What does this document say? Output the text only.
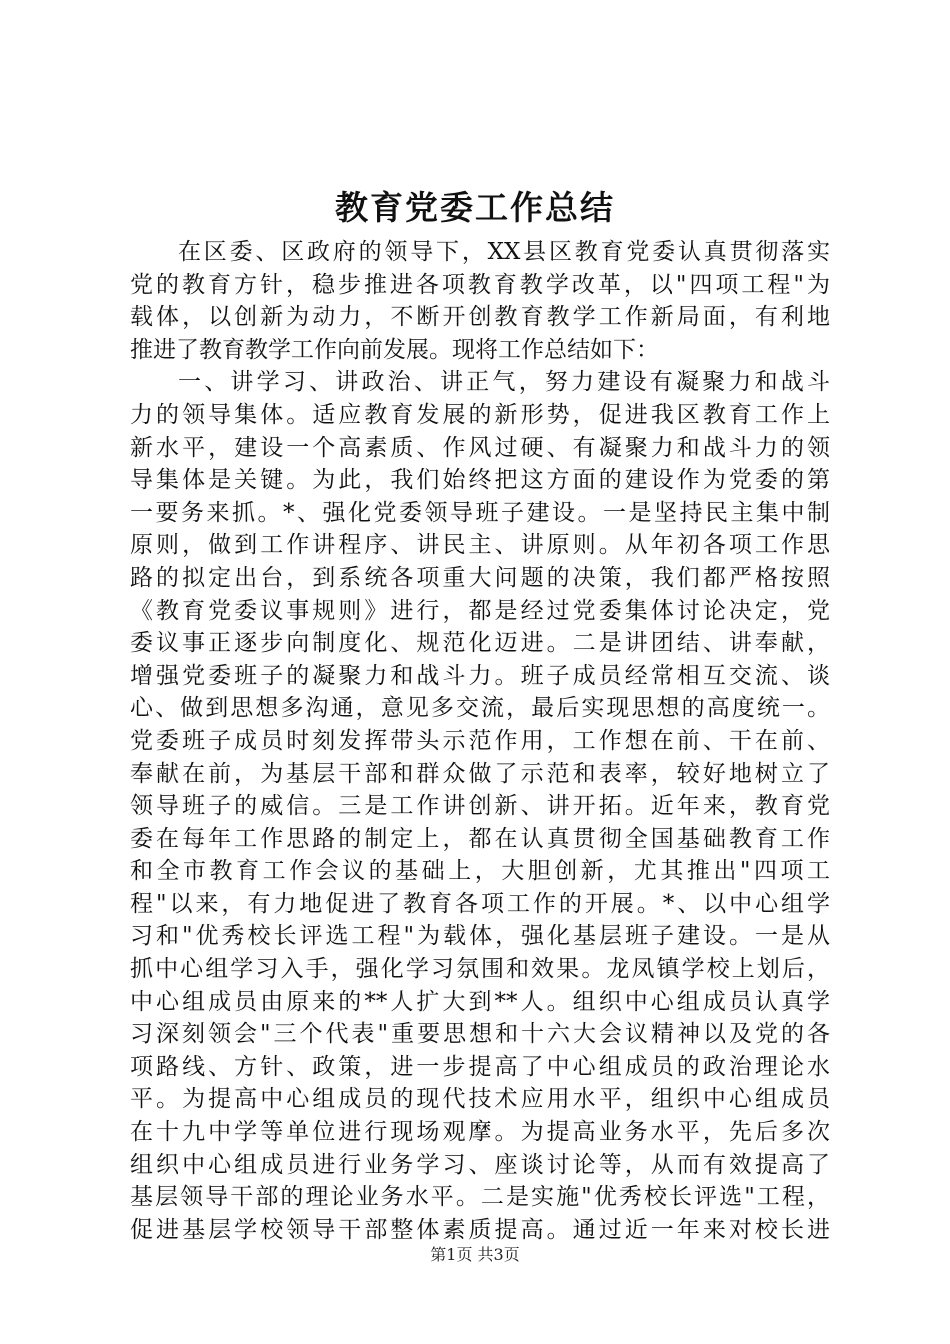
教育党委工作总结
在区委、区政府的领导下，XX县区教育党委认真贯彻落实
党的教育方针，稳步推进各项教育教学改革，以"四项工程"为
载体，以创新为动力，不断开创教育教学工作新局面，有利地
推进了教育教学工作向前发展。现将工作总结如下：
一、讲学习、讲政治、讲正气，努力建设有凝聚力和战斗
力的领导集体。适应教育发展的新形势，促进我区教育工作上
新水平，建设一个高素质、作风过硬、有凝聚力和战斗力的领
导集体是关键。为此，我们始终把这方面的建设作为党委的第
一要务来抓。*、强化党委领导班子建设。一是坚持民主集中制
原则，做到工作讲程序、讲民主、讲原则。从年初各项工作思
路的拟定出台，到系统各项重大问题的决策，我们都严格按照
《教育党委议事规则》进行，都是经过党委集体讨论决定，党
委议事正逐步向制度化、规范化迈进。二是讲团结、讲奉献，
增强党委班子的凝聚力和战斗力。班子成员经常相互交流、谈
心、做到思想多沟通，意见多交流，最后实现思想的高度统一。
党委班子成员时刻发挥带头示范作用，工作想在前、干在前、
奉献在前，为基层干部和群众做了示范和表率，较好地树立了
领导班子的威信。三是工作讲创新、讲开拓。近年来，教育党
委在每年工作思路的制定上，都在认真贯彻全国基础教育工作
和全市教育工作会议的基础上，大胆创新，尤其推出"四项工
程"以来，有力地促进了教育各项工作的开展。*、以中心组学
习和"优秀校长评选工程"为载体，强化基层班子建设。一是从
抓中心组学习入手，强化学习氛围和效果。龙凤镇学校上划后，
中心组成员由原来的**人扩大到**人。组织中心组成员认真学
习深刻领会"三个代表"重要思想和十六大会议精神以及党的各
项路线、方针、政策，进一步提高了中心组成员的政治理论水
平。为提高中心组成员的现代技术应用水平，组织中心组成员
在十九中学等单位进行现场观摩。为提高业务水平，先后多次
组织中心组成员进行业务学习、座谈讨论等，从而有效提高了
基层领导干部的理论业务水平。二是实施"优秀校长评选"工程，
促进基层学校领导干部整体素质提高。通过近一年来对校长进
第1页 共3页
